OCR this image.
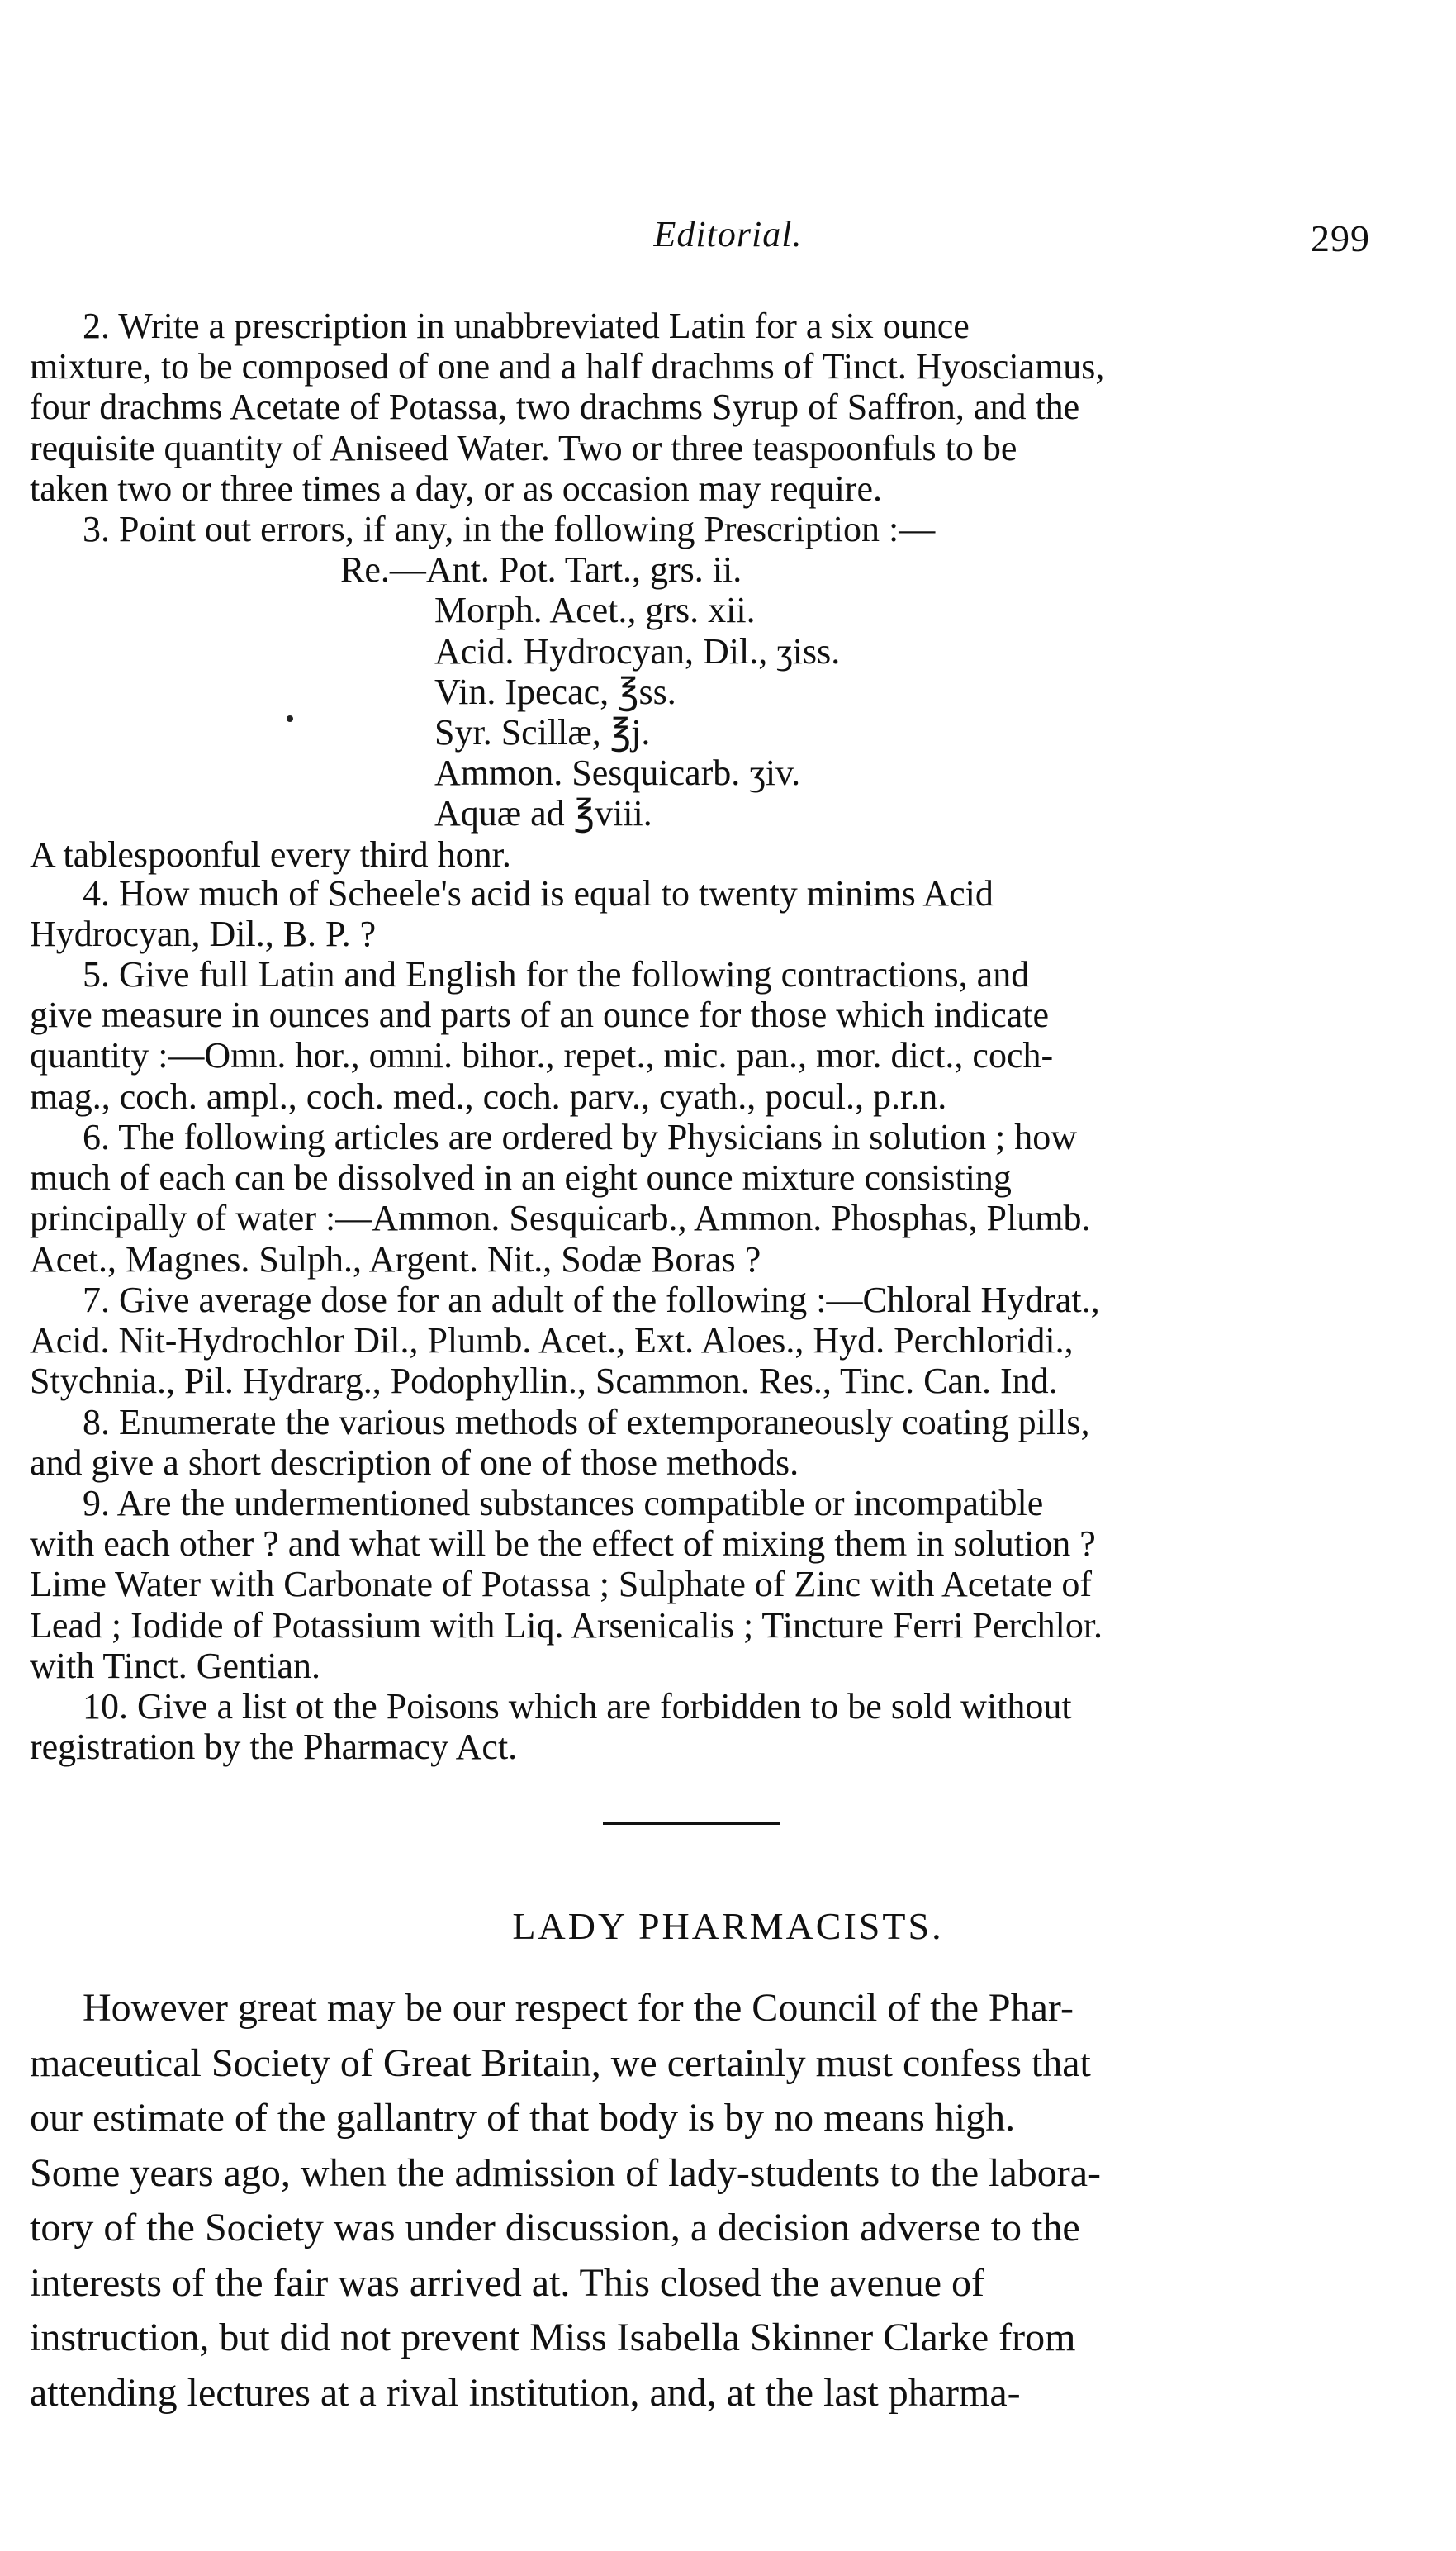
Editorial.	299
2. Write a prescription in unabbreviated Latin for a six ounce
mixture, to be composed of one and a half drachms of Tinct. Hyosciamus,
four drachms Acetate of Potassa, two drachms Syrup of Saffron, and the
requisite quantity of Aniseed Water. Two or three teaspoonfuls to be
taken two or three times a day, or as occasion may require.
3. Point out errors, if any, in the following Prescription :—
Re.—Ant. Pot. Tart., grs. ii.
Morph. Acet., grs. xii.
Acid. Hydrocyan, Dil., ʒiss.
Vin. Ipecac, ℥ss.
Syr. Scillæ, ℥j.
Ammon. Sesquicarb. ʒiv.
Aquæ ad ℥viii.
A tablespoonful every third honr.
4. How much of Scheele's acid is equal to twenty minims Acid
Hydrocyan, Dil., B. P. ?
5. Give full Latin and English for the following contractions, and
give measure in ounces and parts of an ounce for those which indicate
quantity :—Omn. hor., omni. bihor., repet., mic. pan., mor. dict., coch-
mag., coch. ampl., coch. med., coch. parv., cyath., pocul., p.r.n.
6. The following articles are ordered by Physicians in solution ; how
much of each can be dissolved in an eight ounce mixture consisting
principally of water :—Ammon. Sesquicarb., Ammon. Phosphas, Plumb.
Acet., Magnes. Sulph., Argent. Nit., Sodæ Boras ?
7. Give average dose for an adult of the following :—Chloral Hydrat.,
Acid. Nit-Hydrochlor Dil., Plumb. Acet., Ext. Aloes., Hyd. Perchloridi.,
Stychnia., Pil. Hydrarg., Podophyllin., Scammon. Res., Tinc. Can. Ind.
8. Enumerate the various methods of extemporaneously coating pills,
and give a short description of one of those methods.
9. Are the undermentioned substances compatible or incompatible
with each other ? and what will be the effect of mixing them in solution ?
Lime Water with Carbonate of Potassa ; Sulphate of Zinc with Acetate of
Lead ; Iodide of Potassium with Liq. Arsenicalis ; Tincture Ferri Perchlor.
with Tinct. Gentian.
10. Give a list ot the Poisons which are forbidden to be sold without
registration by the Pharmacy Act.
LADY PHARMACISTS.
However great may be our respect for the Council of the Phar-
maceutical Society of Great Britain, we certainly must confess that
our estimate of the gallantry of that body is by no means high.
Some years ago, when the admission of lady-students to the labora-
tory of the Society was under discussion, a decision adverse to the
interests of the fair was arrived at. This closed the avenue of
instruction, but did not prevent Miss Isabella Skinner Clarke from
attending lectures at a rival institution, and, at the last pharma-
